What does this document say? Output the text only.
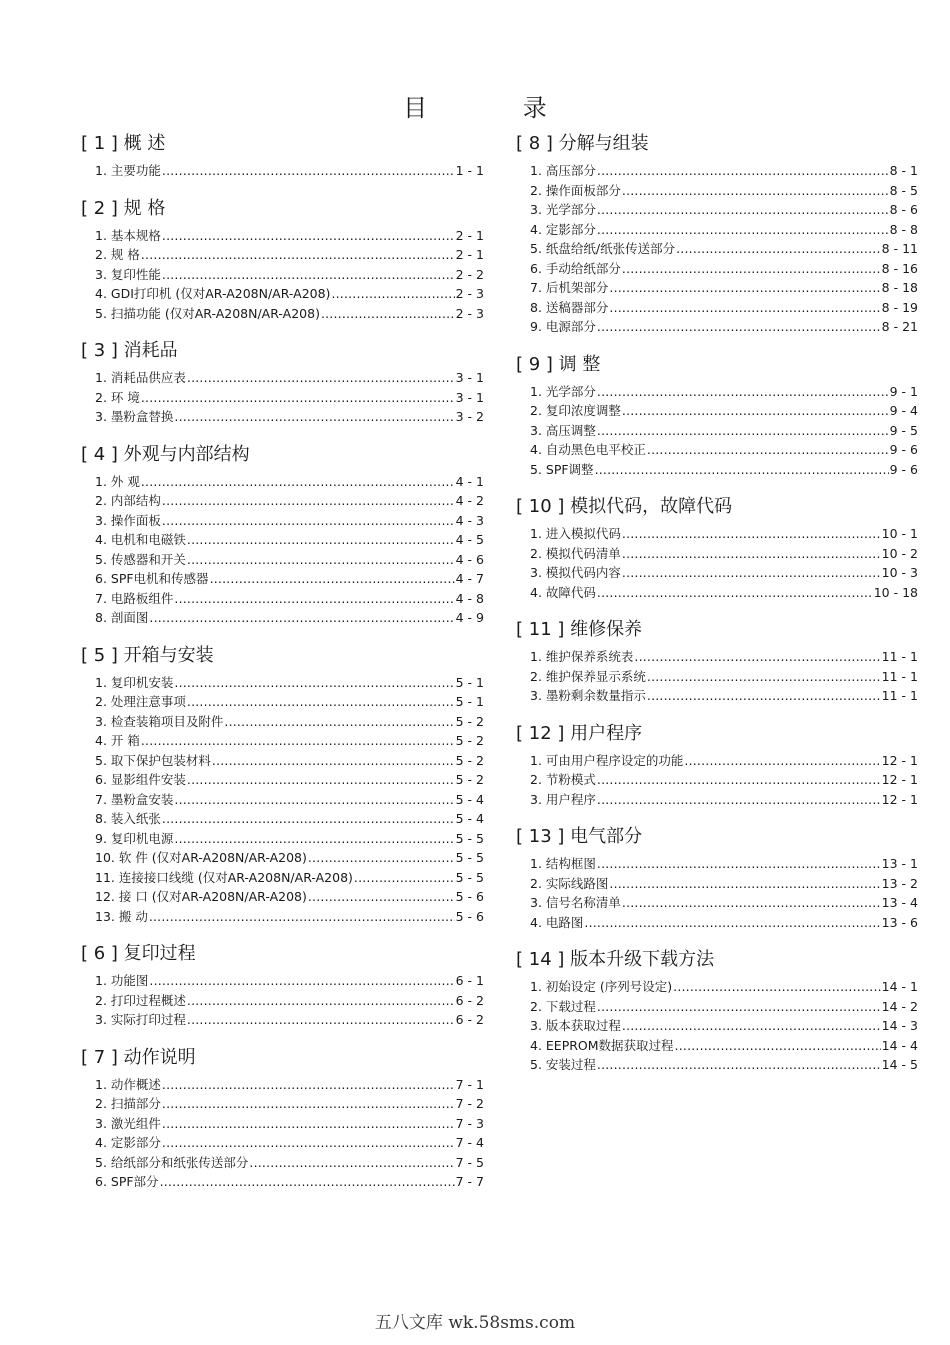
目 录
[ 1 ] 概 述
1. 主要功能 .....	1 - 1
[ 2 ] 规 格
1. 基本规格 .....	2 - 1
2. 规 格 .....	2 - 1
3. 复印性能 .....	2 - 2
4. GDI打印机 (仅对AR-A208N/AR-A208) .....	2 - 3
5. 扫描功能 (仅对AR-A208N/AR-A208) .....	2 - 3
[ 3 ] 消耗品
1. 消耗品供应表 .....	3 - 1
2. 环 境 .....	3 - 1
3. 墨粉盒替换 .....	3 - 2
[ 4 ] 外观与内部结构
1. 外 观 .....	4 - 1
2. 内部结构 .....	4 - 2
3. 操作面板 .....	4 - 3
4. 电机和电磁铁 .....	4 - 5
5. 传感器和开关 .....	4 - 6
6. SPF电机和传感器 .....	4 - 7
7. 电路板组件 .....	4 - 8
8. 剖面图 .....	4 - 9
[ 5 ] 开箱与安装
1. 复印机安装 .....	5 - 1
2. 处理注意事项 .....	5 - 1
3. 检查装箱项目及附件 .....	5 - 2
4. 开 箱 .....	5 - 2
5. 取下保护包装材料 .....	5 - 2
6. 显影组件安装 .....	5 - 2
7. 墨粉盒安装 .....	5 - 4
8. 装入纸张 .....	5 - 4
9. 复印机电源 .....	5 - 5
10. 软 件 (仅对AR-A208N/AR-A208) .....	5 - 5
11. 连接接口线缆 (仅对AR-A208N/AR-A208) .....	5 - 5
12. 接 口 (仅对AR-A208N/AR-A208) .....	5 - 6
13. 搬 动 .....	5 - 6
[ 6 ] 复印过程
1. 功能图 .....	6 - 1
2. 打印过程概述 .....	6 - 2
3. 实际打印过程 .....	6 - 2
[ 7 ] 动作说明
1. 动作概述 .....	7 - 1
2. 扫描部分 .....	7 - 2
3. 激光组件 .....	7 - 3
4. 定影部分 .....	7 - 4
5. 给纸部分和纸张传送部分 .....	7 - 5
6. SPF部分 .....	7 - 7
[ 8 ] 分解与组装
1. 高压部分 .....	8 - 1
2. 操作面板部分 .....	8 - 5
3. 光学部分 .....	8 - 6
4. 定影部分 .....	8 - 8
5. 纸盘给纸/纸张传送部分 .....	8 - 11
6. 手动给纸部分 .....	8 - 16
7. 后机架部分 .....	8 - 18
8. 送稿器部分 .....	8 - 19
9. 电源部分 .....	8 - 21
[ 9 ] 调 整
1. 光学部分 .....	9 - 1
2. 复印浓度调整 .....	9 - 4
3. 高压调整 .....	9 - 5
4. 自动黑色电平校正 .....	9 - 6
5. SPF调整 .....	9 - 6
[ 10 ] 模拟代码，故障代码
1. 进入模拟代码 .....	10 - 1
2. 模拟代码清单 .....	10 - 2
3. 模拟代码内容 .....	10 - 3
4. 故障代码 .....	10 - 18
[ 11 ] 维修保养
1. 维护保养系统表 .....	11 - 1
2. 维护保养显示系统 .....	11 - 1
3. 墨粉剩余数量指示 .....	11 - 1
[ 12 ] 用户程序
1. 可由用户程序设定的功能 .....	12 - 1
2. 节粉模式 .....	12 - 1
3. 用户程序 .....	12 - 1
[ 13 ] 电气部分
1. 结构框图 .....	13 - 1
2. 实际线路图 .....	13 - 2
3. 信号名称清单 .....	13 - 4
4. 电路图 .....	13 - 6
[ 14 ] 版本升级下载方法
1. 初始设定 (序列号设定) .....	14 - 1
2. 下载过程 .....	14 - 2
3. 版本获取过程 .....	14 - 3
4. EEPROM数据获取过程 .....	14 - 4
5. 安装过程 .....	14 - 5
五八文库 wk.58sms.com
